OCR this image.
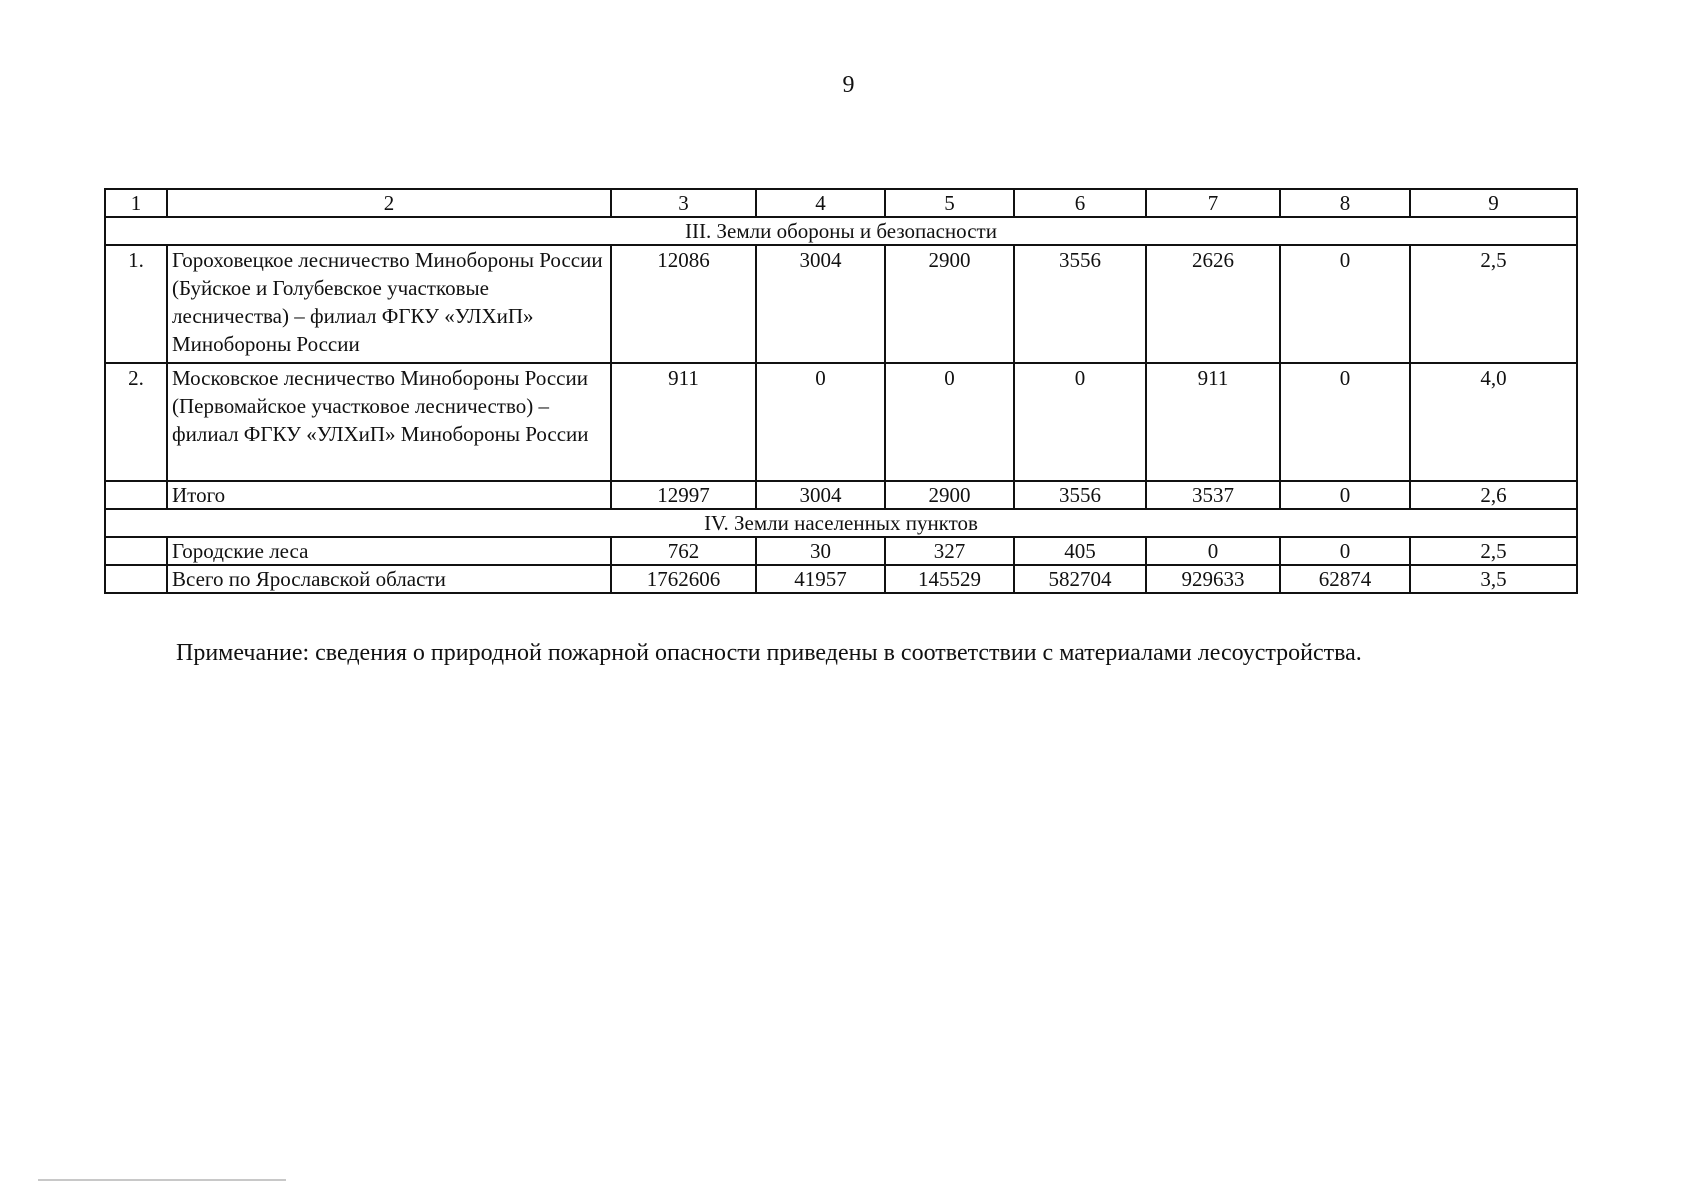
9
1	2	3	4	5	6	7	8	9
III. Земли обороны и безопасности								
1.	Гороховецкое лесничество Минобороны России (Буйское и Голубевское участковые лесничества) – филиал ФГКУ «УЛХиП» Минобороны России	12086	3004	2900	3556	2626	0	2,5
2.	Московское лесничество Минобороны России (Первомайское участковое лесничество) – филиал ФГКУ «УЛХиП» Минобороны России	911	0	0	0	911	0	4,0
	Итого	12997	3004	2900	3556	3537	0	2,6
IV. Земли населенных пунктов								
	Городские леса	762	30	327	405	0	0	2,5
	Всего по Ярославской области	1762606	41957	145529	582704	929633	62874	3,5
Примечание: сведения о природной пожарной опасности приведены в соответствии с материалами лесоустройства.
